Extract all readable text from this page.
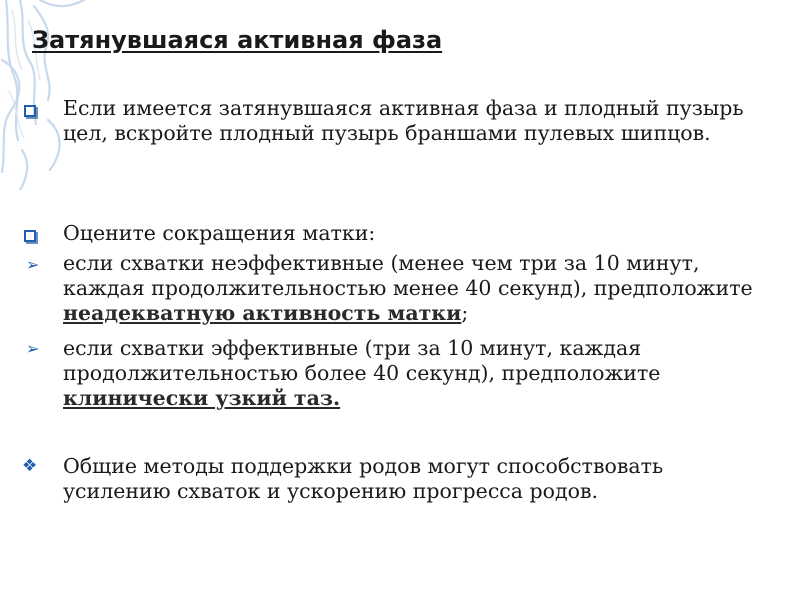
Затянувшаяся активная фаза
Если имеется затянувшаяся активная фаза и плодный пузырь цел, вскройте плодный пузырь браншами пулевых шипцов.
Оцените сокращения матки:
➢ если схватки неэффективные (менее чем три за 10 минут, каждая продолжительностью менее 40 секунд), предположите неадекватную активность матки;
➢ если схватки эффективные (три за 10 минут, каждая продолжительностью более 40 секунд), предположите клинически узкий таз.
❖ Общие методы поддержки родов могут способствовать усилению схваток и ускорению прогресса родов.
